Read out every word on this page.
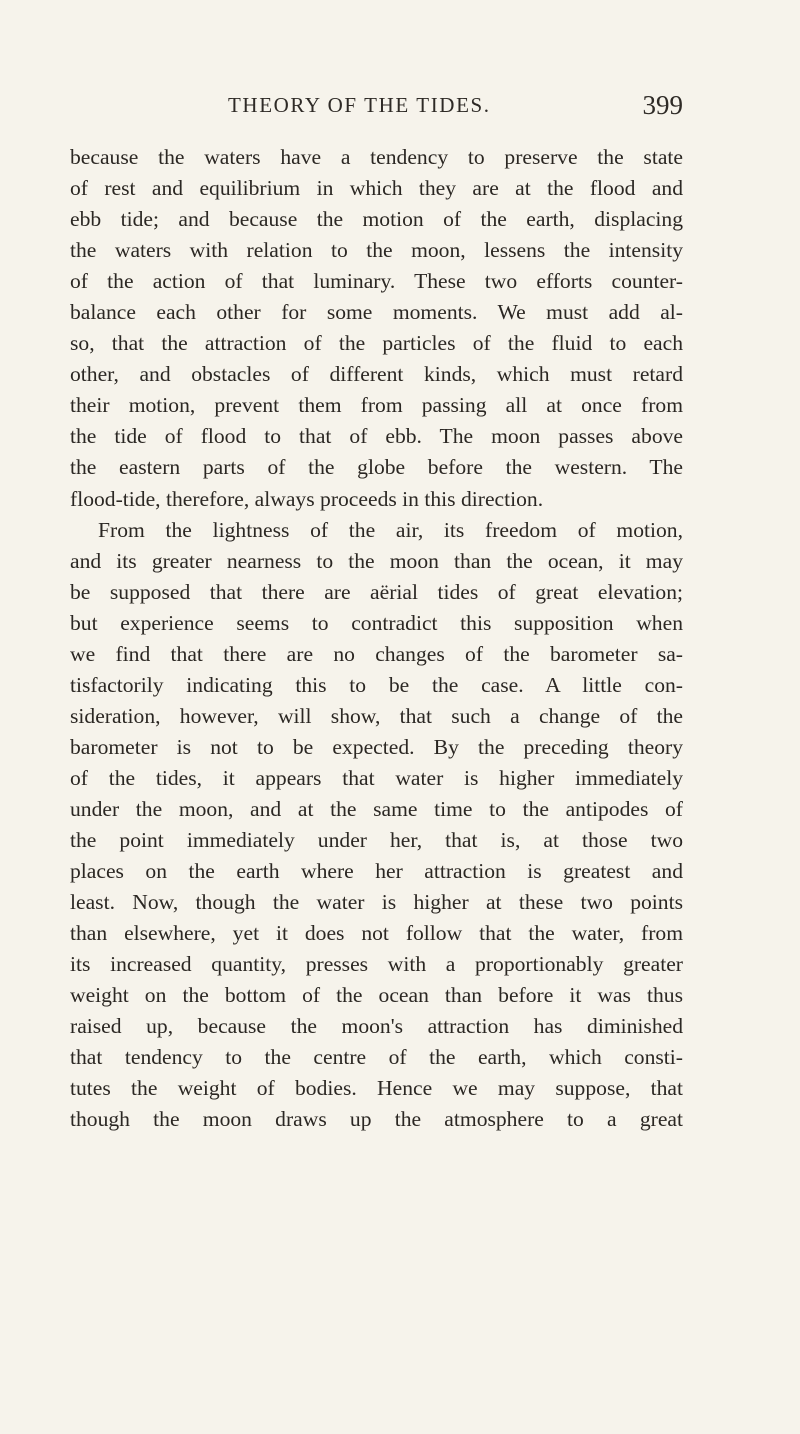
THEORY OF THE TIDES.	399
because the waters have a tendency to preserve the state
of rest and equilibrium in which they are at the flood and
ebb tide; and because the motion of the earth, displacing
the waters with relation to the moon, lessens the intensity
of the action of that luminary. These two efforts counter-
balance each other for some moments. We must add al-
so, that the attraction of the particles of the fluid to each
other, and obstacles of different kinds, which must retard
their motion, prevent them from passing all at once from
the tide of flood to that of ebb. The moon passes above
the eastern parts of the globe before the western. The
flood-tide, therefore, always proceeds in this direction.
From the lightness of the air, its freedom of motion,
and its greater nearness to the moon than the ocean, it may
be supposed that there are aërial tides of great elevation;
but experience seems to contradict this supposition when
we find that there are no changes of the barometer sa-
tisfactorily indicating this to be the case. A little con-
sideration, however, will show, that such a change of the
barometer is not to be expected. By the preceding theory
of the tides, it appears that water is higher immediately
under the moon, and at the same time to the antipodes of
the point immediately under her, that is, at those two
places on the earth where her attraction is greatest and
least. Now, though the water is higher at these two points
than elsewhere, yet it does not follow that the water, from
its increased quantity, presses with a proportionably greater
weight on the bottom of the ocean than before it was thus
raised up, because the moon's attraction has diminished
that tendency to the centre of the earth, which consti-
tutes the weight of bodies. Hence we may suppose, that
though the moon draws up the atmosphere to a great
